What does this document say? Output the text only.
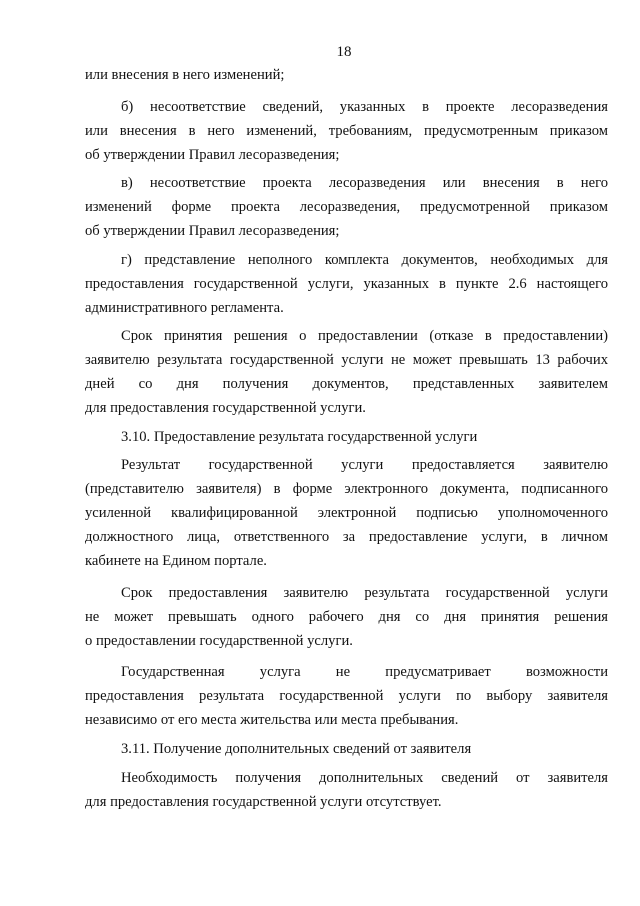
18
или внесения в него изменений;
б) несоответствие сведений, указанных в проекте лесоразведения
или внесения в него изменений, требованиям, предусмотренным приказом
об утверждении Правил лесоразведения;
в) несоответствие проекта лесоразведения или внесения в него
изменений форме проекта лесоразведения, предусмотренной приказом
об утверждении Правил лесоразведения;
г) представление неполного комплекта документов, необходимых для
предоставления государственной услуги, указанных в пункте 2.6 настоящего
административного регламента.
Срок принятия решения о предоставлении (отказе в предоставлении)
заявителю результата государственной услуги не может превышать 13 рабочих
дней со дня получения документов, представленных заявителем
для предоставления государственной услуги.
3.10. Предоставление результата государственной услуги
Результат государственной услуги предоставляется заявителю
(представителю заявителя) в форме электронного документа, подписанного
усиленной квалифицированной электронной подписью уполномоченного
должностного лица, ответственного за предоставление услуги, в личном
кабинете на Едином портале.
Срок предоставления заявителю результата государственной услуги
не может превышать одного рабочего дня со дня принятия решения
о предоставлении государственной услуги.
Государственная услуга не предусматривает возможности
предоставления результата государственной услуги по выбору заявителя
независимо от его места жительства или места пребывания.
3.11. Получение дополнительных сведений от заявителя
Необходимость получения дополнительных сведений от заявителя
для предоставления государственной услуги отсутствует.
